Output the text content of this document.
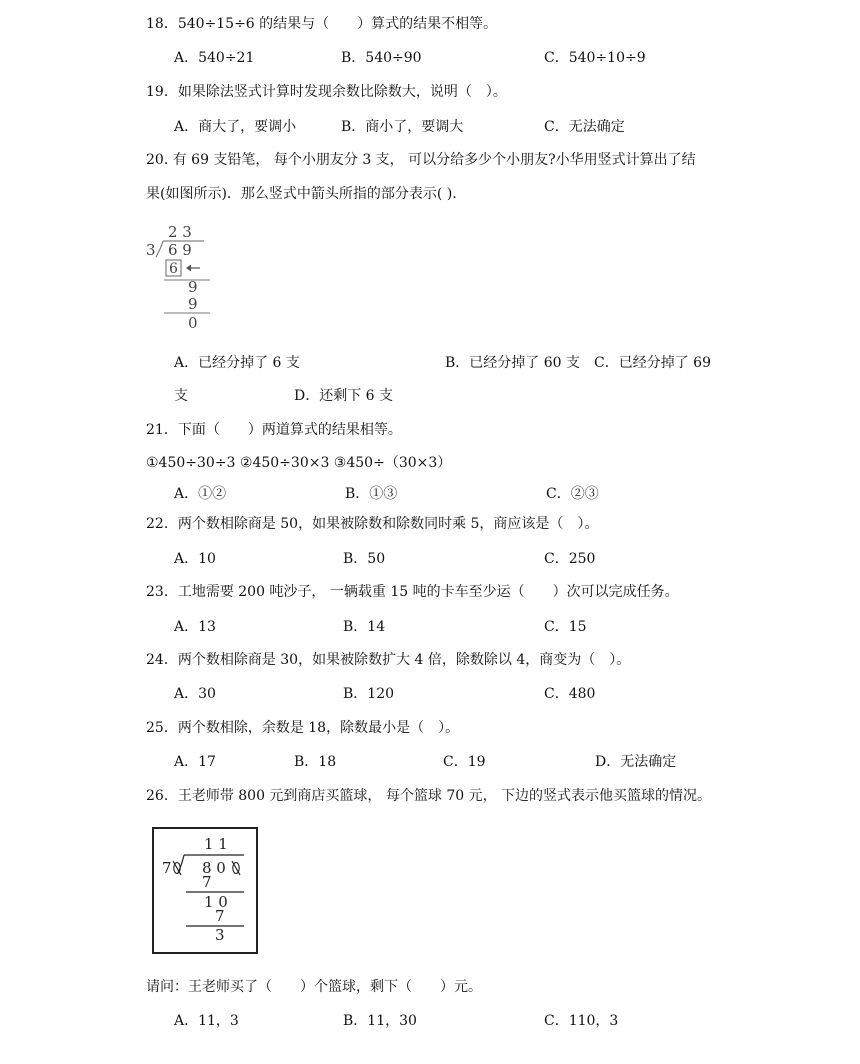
18．540÷15÷6 的结果与（　　）算式的结果不相等。
A．540÷21	B．540÷90	C．540÷10÷9
19．如果除法竖式计算时发现余数比除数大，说明（　）。
A．商大了，要调小	B．商小了，要调大	C．无法确定
20. 有 69 支铅笔， 每个小朋友分 3 支， 可以分给多少个小朋友?小华用竖式计算出了结
果(如图所示)．那么竖式中箭头所指的部分表示( ).
2 3
3 6 9
6
9
9
0
A．已经分掉了 6 支	B．已经分掉了 60 支　C．已经分掉了 69
支	D．还剩下 6 支
21．下面（　　）两道算式的结果相等。
①450÷30÷3 ②450÷30×3 ③450÷（30×3）
A．①②	B．①③	C．②③
22．两个数相除商是 50，如果被除数和除数同时乘 5，商应该是（　）。
A．10	B．50	C．250
23．工地需要 200 吨沙子， 一辆载重 15 吨的卡车至少运（　　）次可以完成任务。
A．13	B．14	C．15
24．两个数相除商是 30，如果被除数扩大 4 倍，除数除以 4，商变为（　）。
A．30	B．120	C．480
25．两个数相除，余数是 18，除数最小是（　）。
A．17	B．18	C．19	D．无法确定
26．王老师带 800 元到商店买篮球， 每个篮球 70 元， 下边的竖式表示他买篮球的情况。
1 1
7 8 0
7
1 0
7
3
请问：王老师买了（　　）个篮球，剩下（　　）元。
A．11，3	B．11，30	C．110，3
